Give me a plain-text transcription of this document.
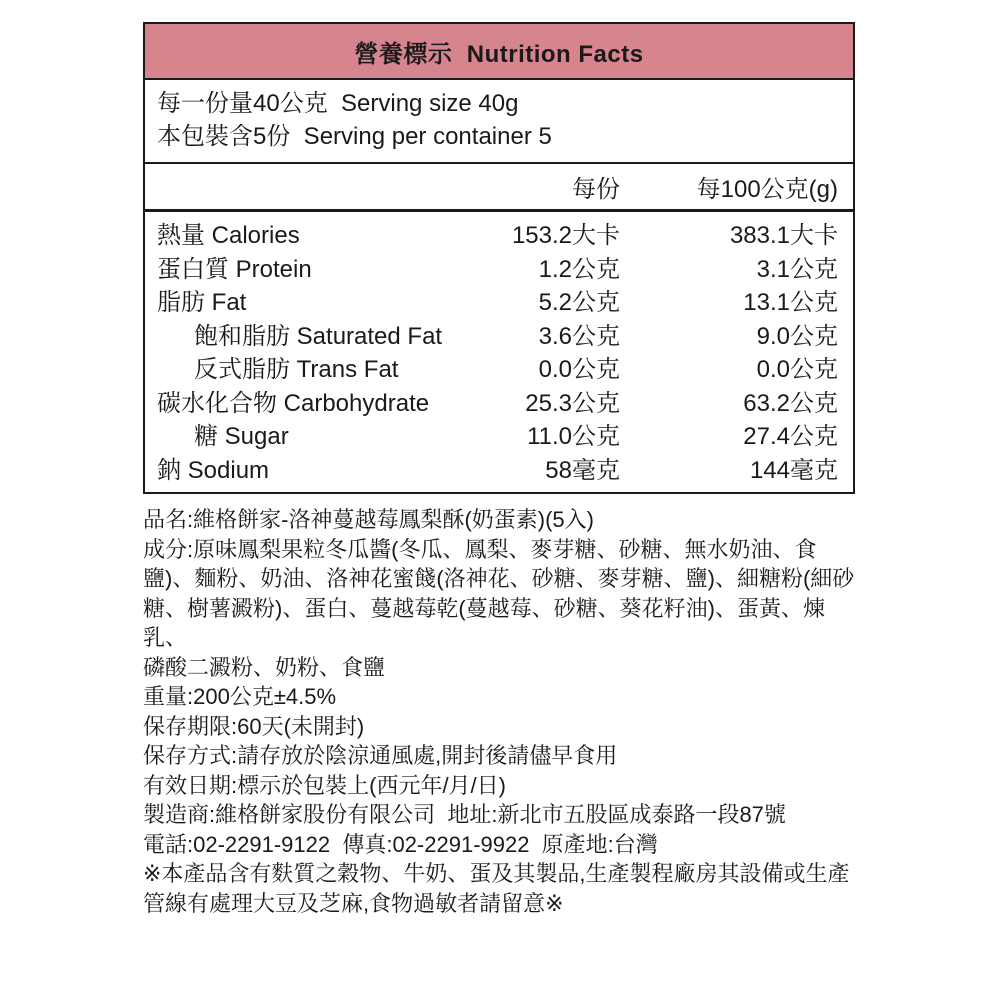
營養標示  Nutrition Facts
每一份量40公克  Serving size 40g
本包裝含5份  Serving per container 5
每份	每100公克(g)
熱量 Calories	153.2大卡	383.1大卡
蛋白質 Protein	1.2公克	3.1公克
脂肪 Fat	5.2公克	13.1公克
飽和脂肪 Saturated Fat	3.6公克	9.0公克
反式脂肪 Trans Fat	0.0公克	0.0公克
碳水化合物 Carbohydrate	25.3公克	63.2公克
糖 Sugar	11.0公克	27.4公克
鈉 Sodium	58毫克	144毫克
品名:維格餅家-洛神蔓越莓鳳梨酥(奶蛋素)(5入)
成分:原味鳳梨果粒冬瓜醬(冬瓜、鳳梨、麥芽糖、砂糖、無水奶油、食
鹽)、麵粉、奶油、洛神花蜜餞(洛神花、砂糖、麥芽糖、鹽)、細糖粉(細砂
糖、樹薯澱粉)、蛋白、蔓越莓乾(蔓越莓、砂糖、葵花籽油)、蛋黃、煉乳、
磷酸二澱粉、奶粉、食鹽
重量:200公克±4.5%
保存期限:60天(未開封)
保存方式:請存放於陰涼通風處,開封後請儘早食用
有效日期:標示於包裝上(西元年/月/日)
製造商:維格餅家股份有限公司  地址:新北市五股區成泰路一段87號
電話:02-2291-9122  傳真:02-2291-9922  原產地:台灣
※本產品含有麩質之穀物、牛奶、蛋及其製品,生產製程廠房其設備或生產
管線有處理大豆及芝麻,食物過敏者請留意※
